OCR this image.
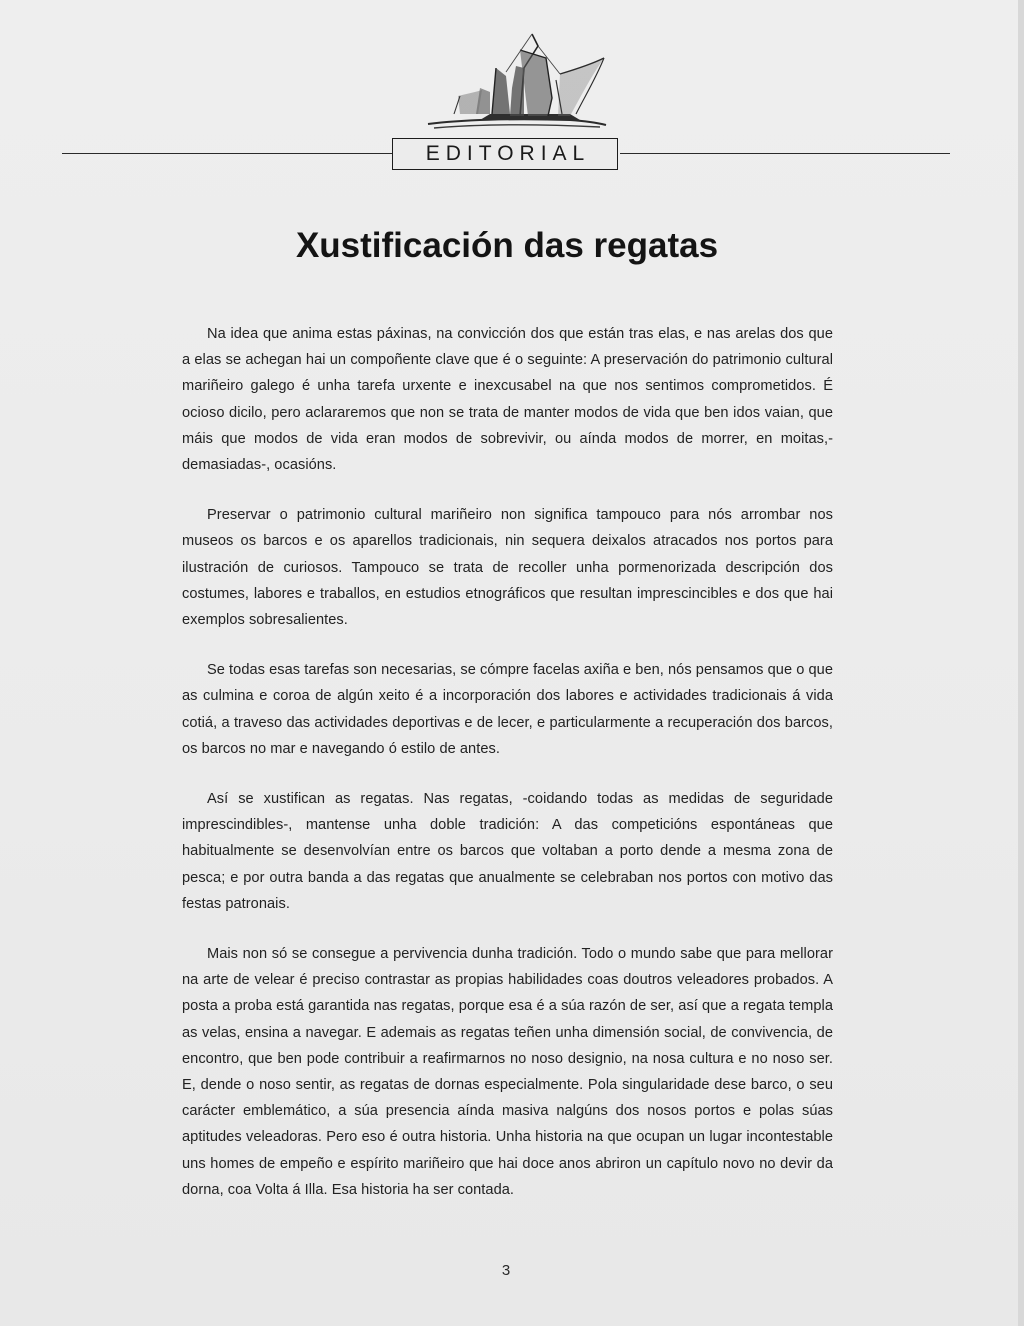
EDITORIAL
Xustificación das regatas

Na idea que anima estas páxinas, na convicción dos que están tras elas, e nas arelas dos que a elas se achegan hai un compoñente clave que é o seguinte: A preservación do patrimonio cultural mariñeiro galego é unha tarefa urxente e inexcusabel na que nos sentimos comprometidos. É ocioso dicilo, pero aclararemos que non se trata de manter modos de vida que ben idos vaian, que máis que modos de vida eran modos de sobrevivir, ou aínda modos de morrer, en moitas,-demasiadas-, ocasións.

Preservar o patrimonio cultural mariñeiro non significa tampouco para nós arrombar nos museos os barcos e os aparellos tradicionais, nin sequera deixalos atracados nos portos para ilustración de curiosos. Tampouco se trata de recoller unha pormenorizada descripción dos costumes, labores e traballos, en estudios etnográficos que resultan imprescincibles e dos que hai exemplos sobresalientes.

Se todas esas tarefas son necesarias, se cómpre facelas axiña e ben, nós pensamos que o que as culmina e coroa de algún xeito é a incorporación dos labores e actividades tradicionais á vida cotiá, a traveso das actividades deportivas e de lecer, e particularmente a recuperación dos barcos, os barcos no mar e navegando ó estilo de antes.

Así se xustifican as regatas. Nas regatas, -coidando todas as medidas de seguridade imprescindibles-, mantense unha doble tradición: A das competicións espontáneas que habitualmente se desenvolvían entre os barcos que voltaban a porto dende a mesma zona de pesca; e por outra banda a das regatas que anualmente se celebraban nos portos con motivo das festas patronais.

Mais non só se consegue a pervivencia dunha tradición. Todo o mundo sabe que para mellorar na arte de velear é preciso contrastar as propias habilidades coas doutros veleadores probados. A posta a proba está garantida nas regatas, porque esa é a súa razón de ser, así que a regata templa as velas, ensina a navegar. E ademais as regatas teñen unha dimensión social, de convivencia, de encontro, que ben pode contribuir a reafirmarnos no noso designio, na nosa cultura e no noso ser. E, dende o noso sentir, as regatas de dornas especialmente. Pola singularidade dese barco, o seu carácter emblemático, a súa presencia aínda masiva nalgúns dos nosos portos e polas súas aptitudes veleadoras. Pero eso é outra historia. Unha historia na que ocupan un lugar incontestable uns homes de empeño e espírito mariñeiro que hai doce anos abriron un capítulo novo no devir da dorna, coa Volta á Illa. Esa historia ha ser contada.

3
